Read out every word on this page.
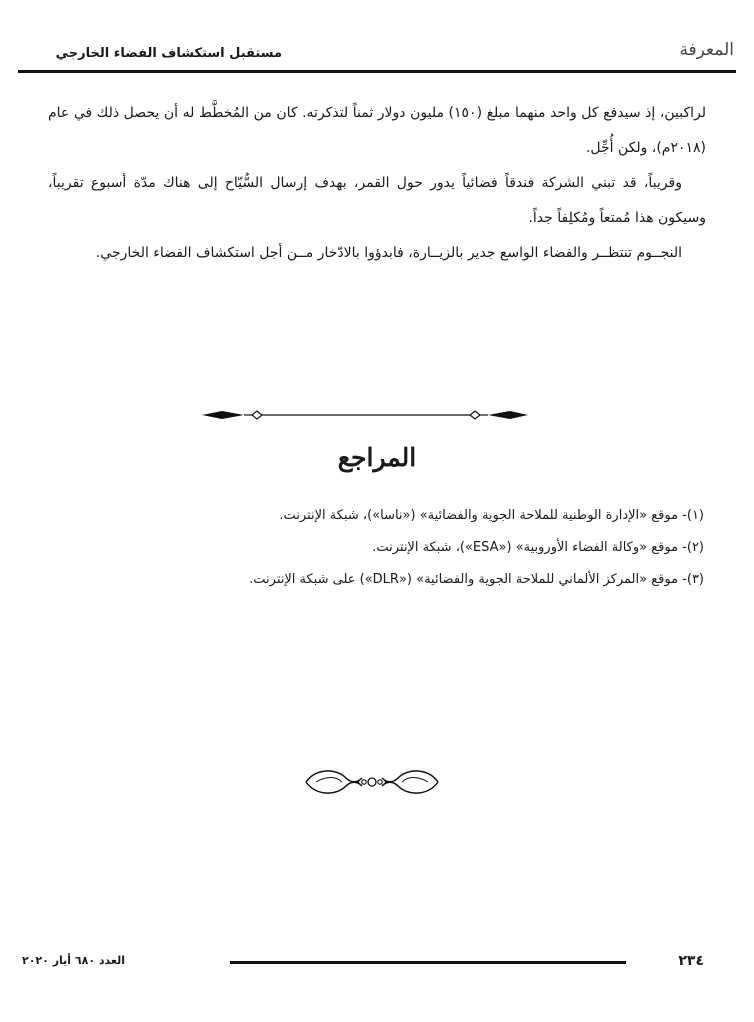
مستقبل استكشاف الفضاء الخارجي	المعرفة

لراكبين، إذ سيدفع كل واحد منهما مبلغ (١٥٠) مليون دولار ثمناً لتذكرته. كان من المُخطَّط له أن يحصل ذلك في عام (٢٠١٨م)، ولكن أُجِّل.

وقريباً، قد تبني الشركة فندقاً فضائياً يدور حول القمر، بهدف إرسال السُّيّاح إلى هناك مدّة أسبوع تقريباً، وسيكون هذا مُمتعاً ومُكلِفاً جداً.

النجــوم تنتظــر والفضاء الواسع جدير بالزيــارة، فابدؤوا بالادّخار مــن أجل استكشاف الفضاء الخارجي.

المراجع
(١)- موقع «الإدارة الوطنية للملاحة الجوية والفضائية» («ناسا»)، شبكة الإنترنت.
(٢)- موقع «وكالة الفضاء الأوروبية» («ESA»)، شبكة الإنترنت.
(٣)- موقع «المركز الألماني للملاحة الجوية والفضائية» («DLR») على شبكة الإنترنت.
٢٣٤
العدد ٦٨٠ أيار ٢٠٢٠
